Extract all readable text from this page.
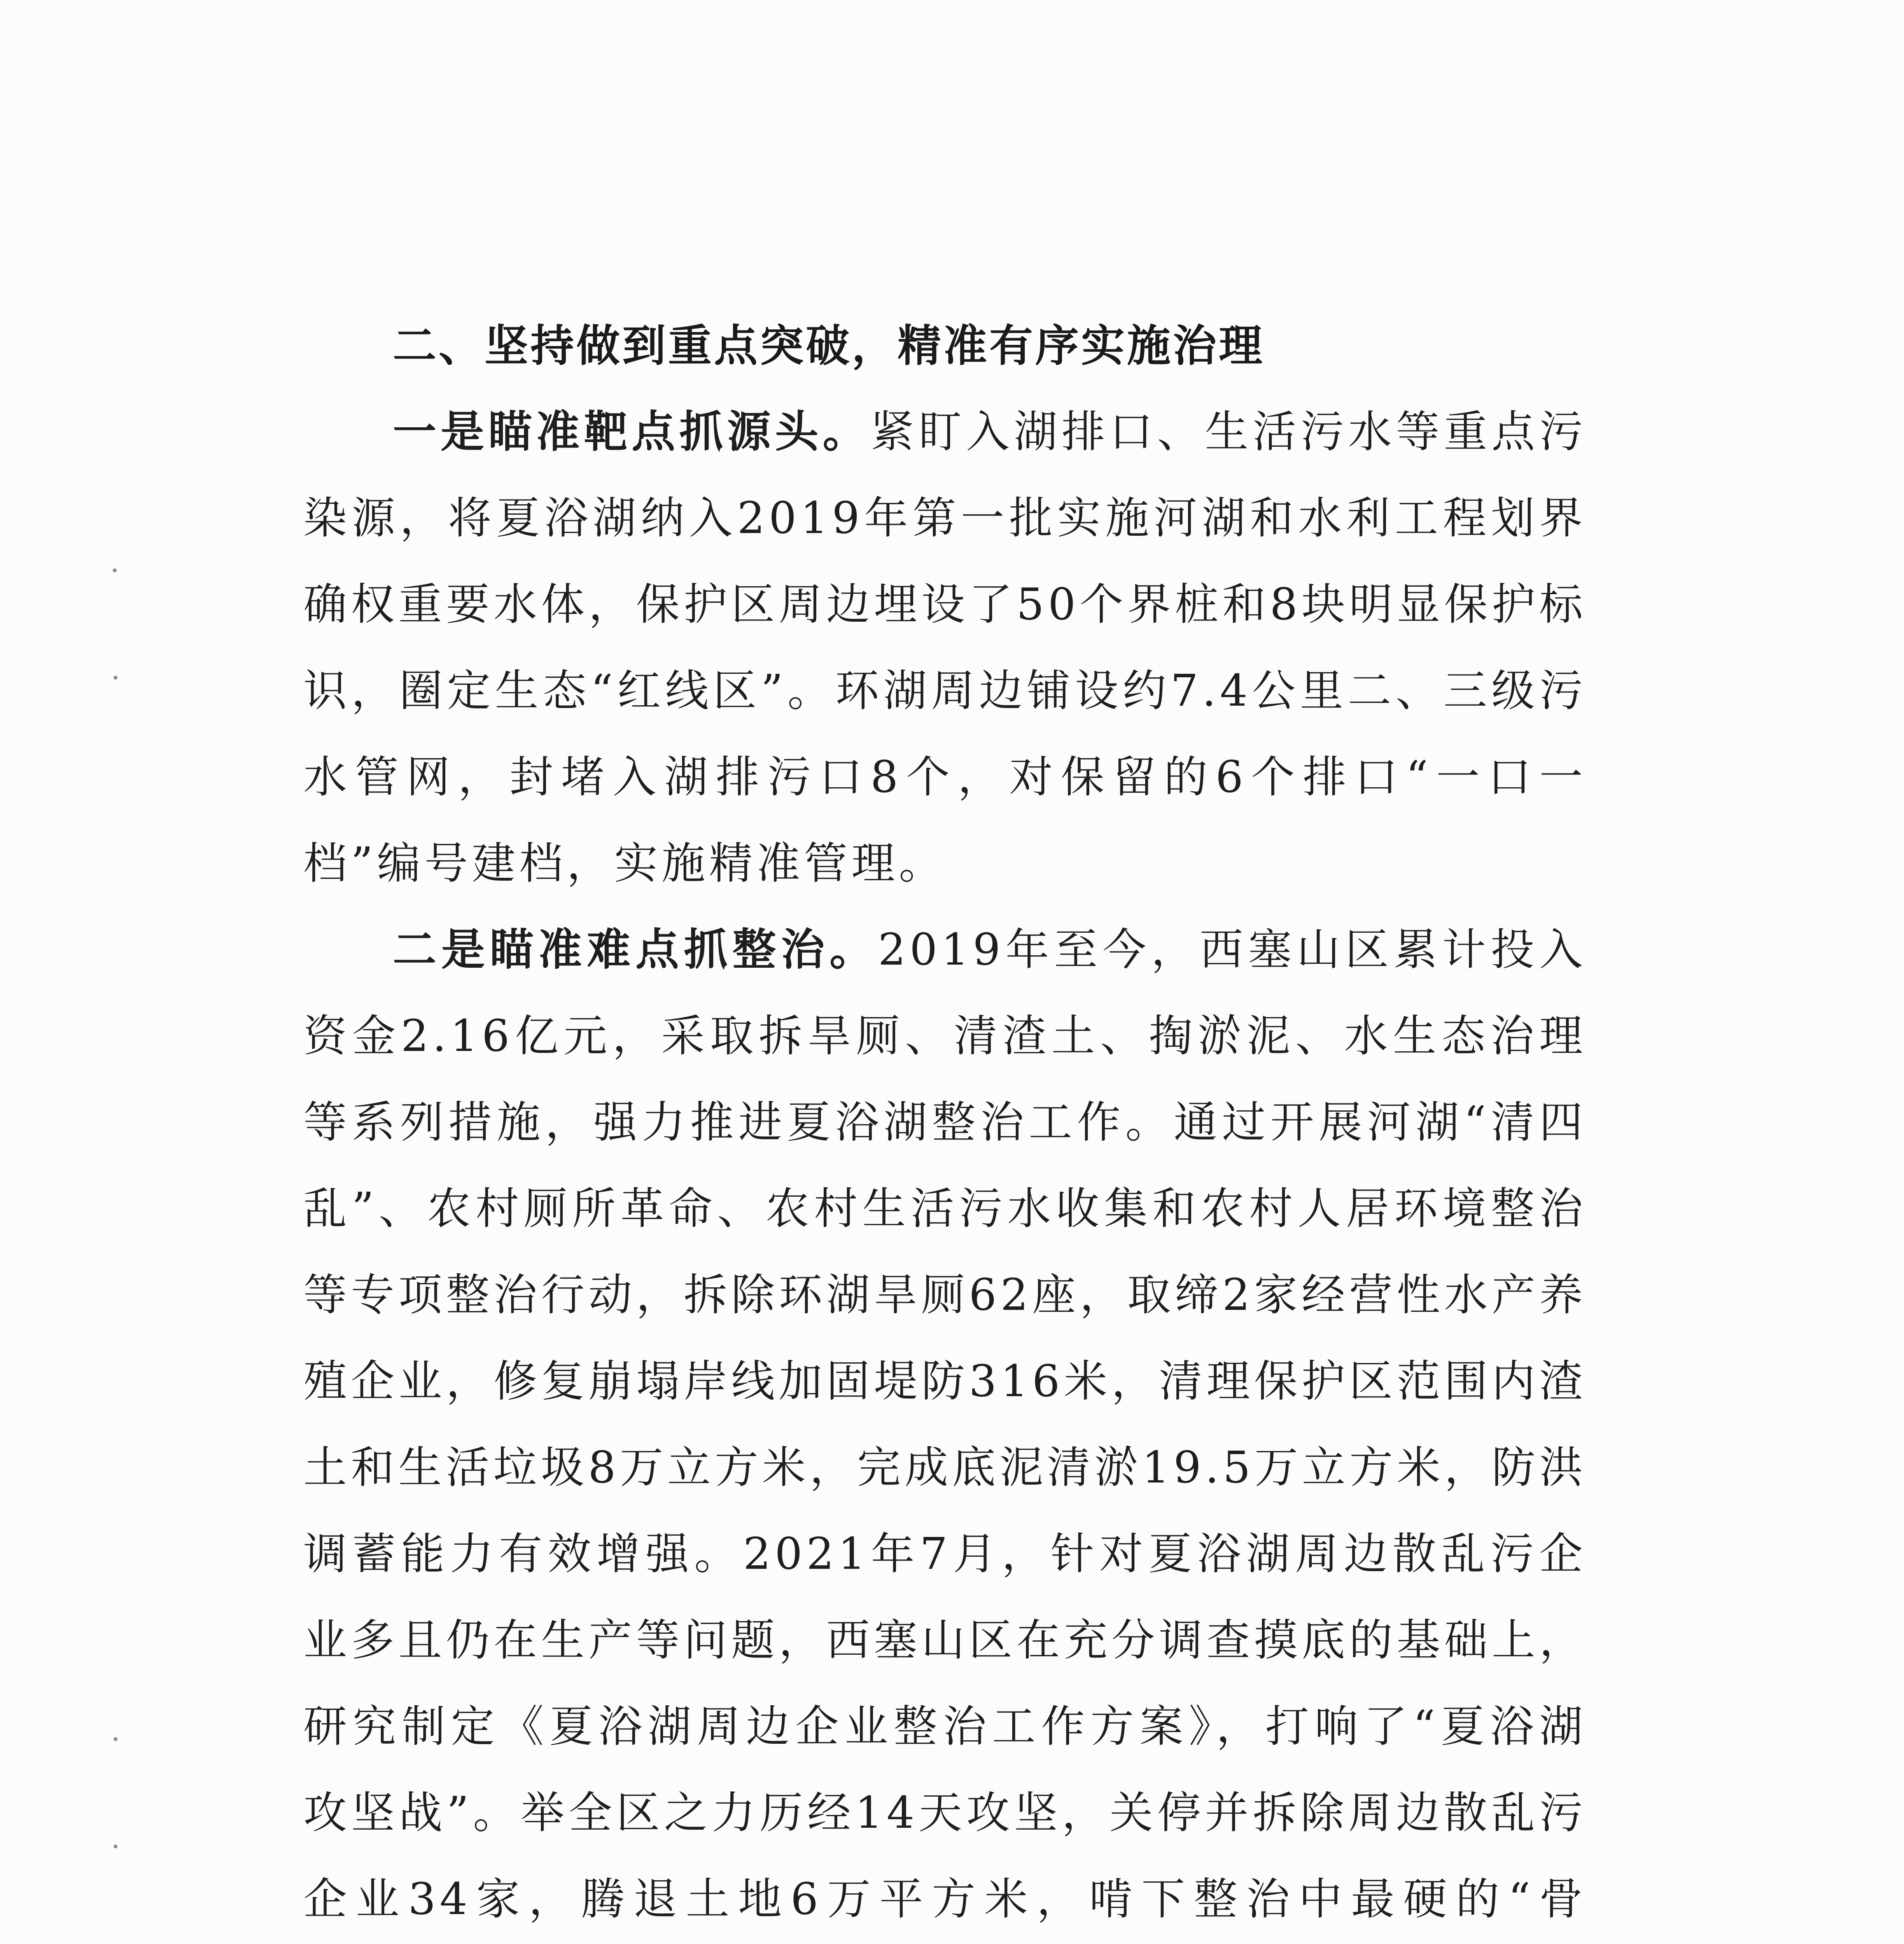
二、坚持做到重点突破，精准有序实施治理

一是瞄准靶点抓源头。紧盯入湖排口、生活污水等重点污染源，将夏浴湖纳入2019年第一批实施河湖和水利工程划界确权重要水体，保护区周边埋设了50个界桩和8块明显保护标识，圈定生态“红线区”。环湖周边铺设约7.4公里二、三级污水管网，封堵入湖排污口8个，对保留的6个排口“一口一档”编号建档，实施精准管理。

二是瞄准难点抓整治。2019年至今，西塞山区累计投入资金2.16亿元，采取拆旱厕、清渣土、掏淤泥、水生态治理等系列措施，强力推进夏浴湖整治工作。通过开展河湖“清四乱”、农村厕所革命、农村生活污水收集和农村人居环境整治等专项整治行动，拆除环湖旱厕62座，取缔2家经营性水产养殖企业，修复崩塌岸线加固堤防316米，清理保护区范围内渣土和生活垃圾8万立方米，完成底泥清淤19.5万立方米，防洪调蓄能力有效增强。2021年7月，针对夏浴湖周边散乱污企业多且仍在生产等问题，西塞山区在充分调查摸底的基础上，研究制定《夏浴湖周边企业整治工作方案》，打响了“夏浴湖攻坚战”。举全区之力历经14天攻坚，关停并拆除周边散乱污企业34家，腾退土地6万平方米，啃下整治中最硬的“骨
